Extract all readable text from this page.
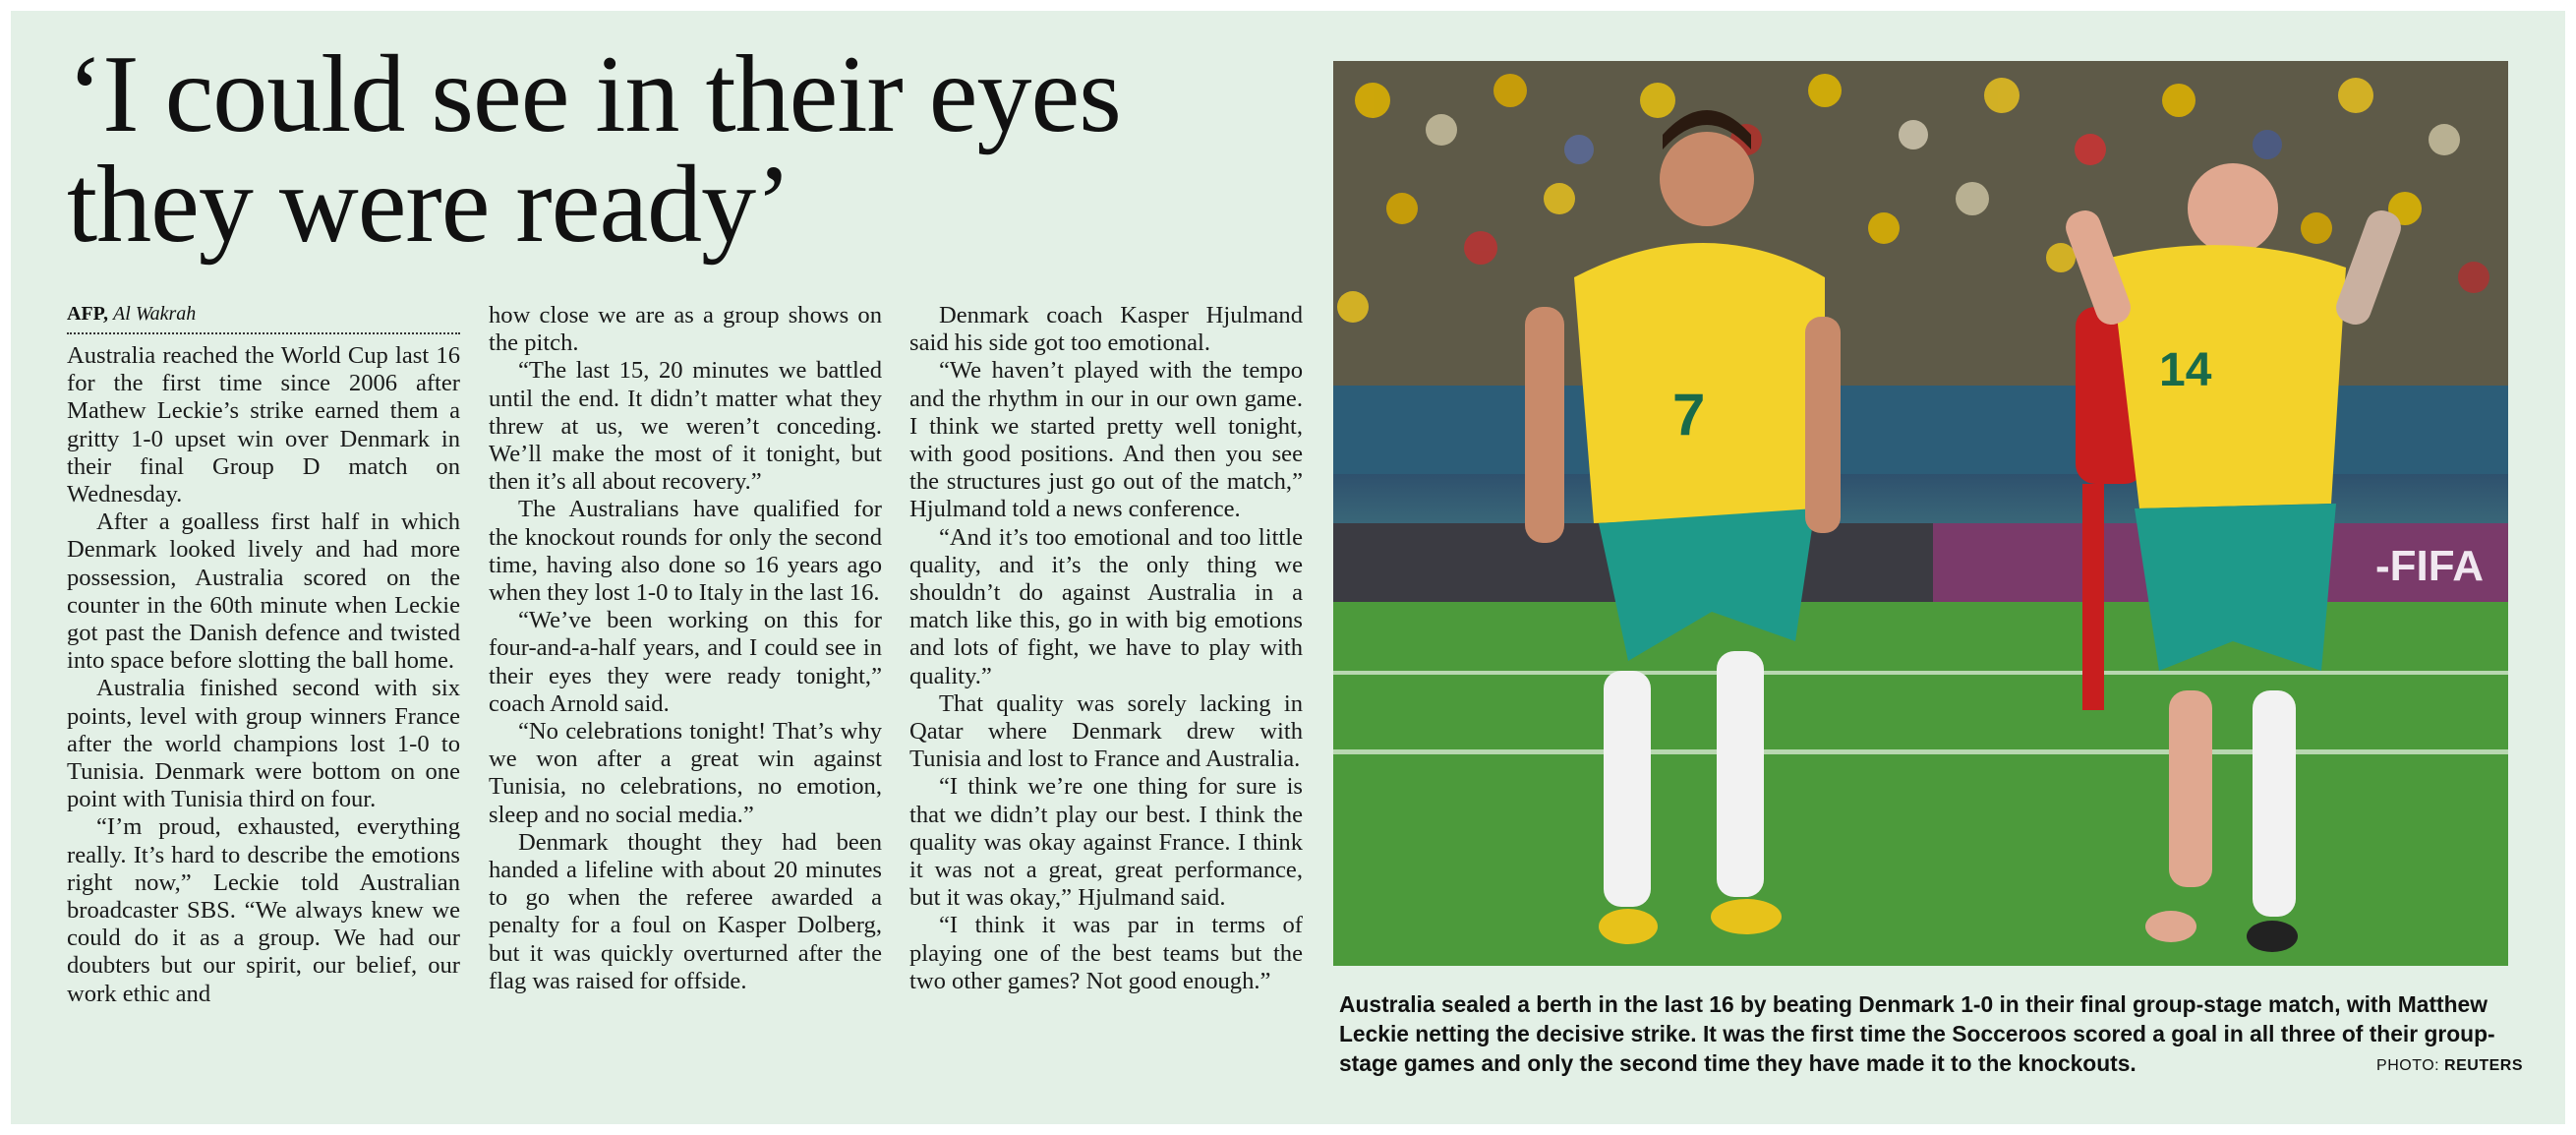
‘I could see in their eyes
they were ready’
AFP, Al Wakrah

Australia reached the World Cup last 16 for the first time since 2006 after Mathew Leckie’s strike earned them a gritty 1-0 upset win over Denmark in their final Group D match on Wednesday.

After a goalless first half in which Denmark looked lively and had more possession, Australia scored on the counter in the 60th minute when Leckie got past the Danish defence and twisted into space before slotting the ball home.

Australia finished second with six points, level with group winners France after the world champions lost 1-0 to Tunisia. Denmark were bottom on one point with Tunisia third on four.

“I’m proud, exhausted, everything really. It’s hard to describe the emotions right now,” Leckie told Australian broadcaster SBS. “We always knew we could do it as a group. We had our doubters but our spirit, our belief, our work ethic and

how close we are as a group shows on the pitch.

“The last 15, 20 minutes we battled until the end. It didn’t matter what they threw at us, we weren’t conceding. We’ll make the most of it tonight, but then it’s all about recovery.”

The Australians have qualified for the knockout rounds for only the second time, having also done so 16 years ago when they lost 1-0 to Italy in the last 16.

“We’ve been working on this for four-and-a-half years, and I could see in their eyes they were ready tonight,” coach Arnold said.

“No celebrations tonight! That’s why we won after a great win against Tunisia, no celebrations, no emotion, sleep and no social media.”

Denmark thought they had been handed a lifeline with about 20 minutes to go when the referee awarded a penalty for a foul on Kasper Dolberg, but it was quickly overturned after the flag was raised for offside.

Denmark coach Kasper Hjulmand said his side got too emotional.

“We haven’t played with the tempo and the rhythm in our in our own game. I think we started pretty well tonight, with good positions. And then you see the structures just go out of the match,” Hjulmand told a news conference.

“And it’s too emotional and too little quality, and it’s the only thing we shouldn’t do against Australia in a match like this, go in with big emotions and lots of fight, we have to play with quality.”

That quality was sorely lacking in Qatar where Denmark drew with Tunisia and lost to France and Australia.

“I think we’re one thing for sure is that we didn’t play our best. I think the quality was okay against France. I think it was not a great, great performance, but it was okay,” Hjulmand said.

“I think it was par in terms of playing one of the best teams but the two other games? Not good enough.”

-FIFA
7
14
Australia sealed a berth in the last 16 by beating Denmark 1-0 in their final group-stage match, with Matthew Leckie netting the decisive strike. It was the first time the Socceroos scored a goal in all three of their group-stage games and only the second time they have made it to the knockouts.	PHOTO: REUTERS
